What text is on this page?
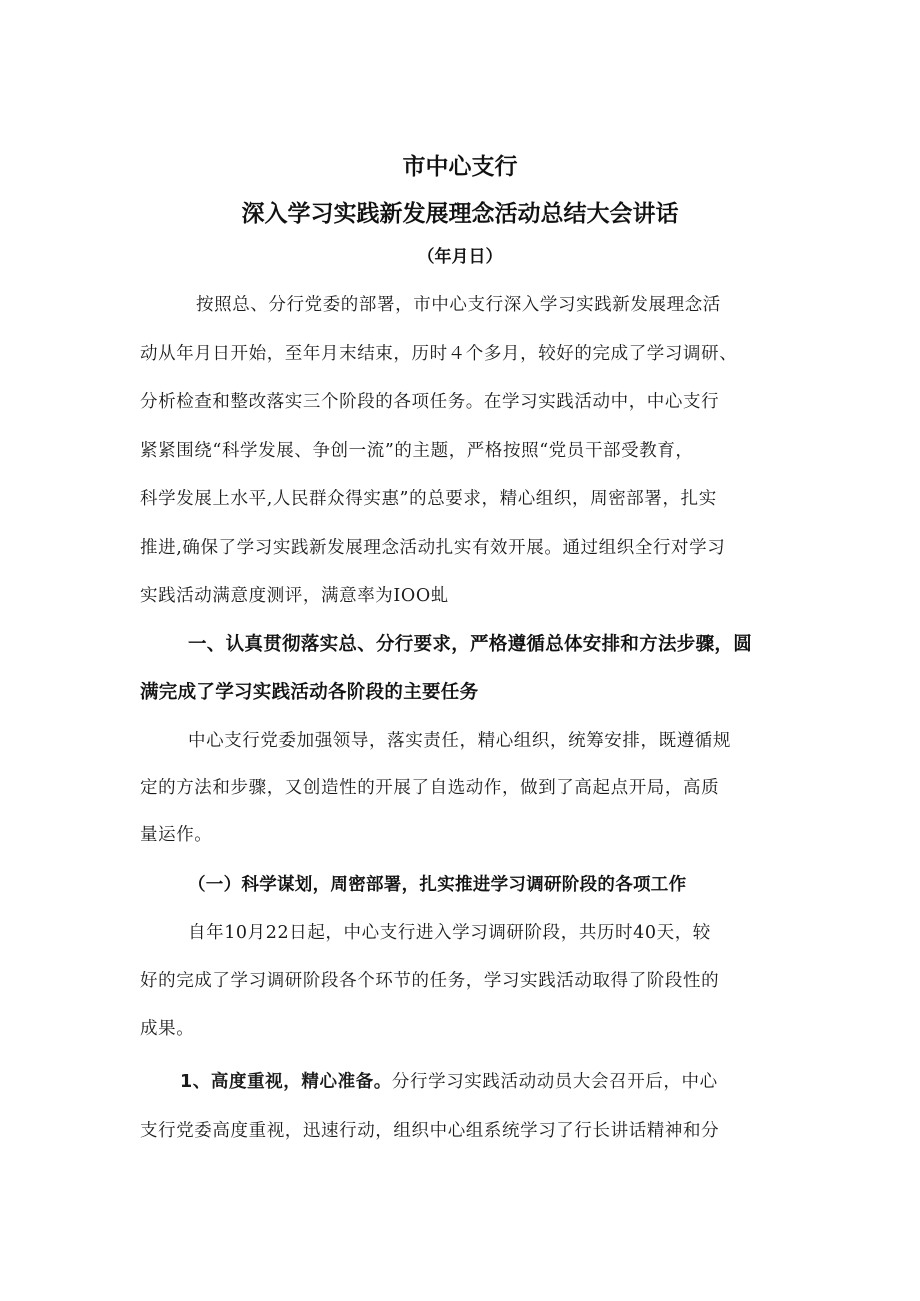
市中心支行
深入学习实践新发展理念活动总结大会讲话
（年月日）
按照总、分行党委的部署，市中心支行深入学习实践新发展理念活
动从年月日开始，至年月末结束，历时４个多月，较好的完成了学习调研、
分析检查和整改落实三个阶段的各项任务。在学习实践活动中，中心支行
紧紧围绕“科学发展、争创一流”的主题，严格按照“党员干部受教育，
科学发展上水平,人民群众得实惠”的总要求，精心组织，周密部署，扎实
推进,确保了学习实践新发展理念活动扎实有效开展。通过组织全行对学习
实践活动满意度测评，满意率为IOO虬
一、认真贯彻落实总、分行要求，严格遵循总体安排和方法步骤，圆
满完成了学习实践活动各阶段的主要任务
中心支行党委加强领导，落实责任，精心组织，统筹安排，既遵循规
定的方法和步骤，又创造性的开展了自选动作，做到了高起点开局，高质
量运作。
（一）科学谋划，周密部署，扎实推进学习调研阶段的各项工作
自年10月22日起，中心支行进入学习调研阶段，共历时40天，较
好的完成了学习调研阶段各个环节的任务，学习实践活动取得了阶段性的
成果。
1、高度重视，精心准备。分行学习实践活动动员大会召开后，中心
支行党委高度重视，迅速行动，组织中心组系统学习了行长讲话精神和分
